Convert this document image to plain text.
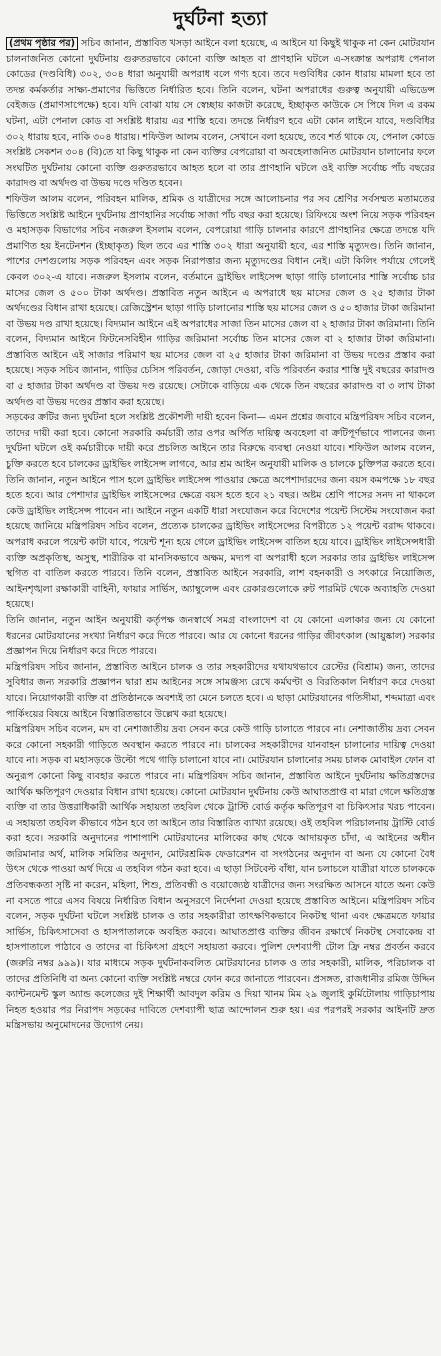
দুর্ঘটনা হত্যা

(প্রথম পৃষ্ঠার পর) সচিব জানান, প্রস্তাবিত খসড়া আইনে বলা হয়েছে, এ আইনে যা কিছুই থাকুক না কেন মোটরযান চালনাজনিত কোনো দুর্ঘটনায় গুরুতরভাবে কোনো ব্যক্তি আহত বা প্রাণহানি ঘটলে এ-সংক্রান্ত অপরাধ পেনাল কোডের (দণ্ডবিধি) ৩০২, ৩০৪ ধারা অনুযায়ী অপরাধ বলে গণ্য হবে। তবে দণ্ডবিধির কোন ধারায় মামলা হবে তা তদন্ত কর্মকর্তার সাক্ষ্য-প্রমাণের ভিত্তিতে নির্ধারিত হবে। তিনি বলেন, ঘটনা অপরাধের গুরুত্ব অনুযায়ী এভিডেন্স বেইজড (প্রমাণসাপেক্ষে) হবে। যদি বোঝা যায় সে স্বেচ্ছায় কাজটা করেছে, ইচ্ছাকৃত কাউকে সে পিষে দিল এ রকম ঘটনা, এটা পেনাল কোড বা সংশ্লিষ্ট ধারায় এর শাস্তি হবে। তদন্তে নির্ধারণ হবে এটা কোন লাইনে যাবে, দণ্ডবিধির ৩০২ ধারায় হবে, নাকি ৩০৪ ধারায়। শফিউল আলম বলেন, সেখানে বলা হয়েছে, তবে শর্ত থাকে যে, পেনাল কোডে সংশ্লিষ্ট সেকশন ৩০৪ (বি)তে যা কিছু থাকুক না কেন ব্যক্তির বেপরোয়া বা অবহেলাজনিত মোটরযান চালানোর ফলে সংঘটিত দুর্ঘটনায় কোনো ব্যক্তি গুরুতরভাবে আহত হলে বা তার প্রাণহানি ঘটলে ওই ব্যক্তি সর্বোচ্চ পাঁচ বছরের কারাদণ্ড বা অর্থদণ্ড বা উভয় দণ্ডে দণ্ডিত হবেন।

শফিউল আলম বলেন, পরিবহন মালিক, শ্রমিক ও যাত্রীদের সঙ্গে আলোচনার পর সব শ্রেণির সর্বসম্মত মতামতের ভিত্তিতে সংশ্লিষ্ট আইনে দুর্ঘটনায় প্রাণহানির সর্বোচ্চ সাজা পাঁচ বছর করা হয়েছে। রিফিংয়ে অংশ নিয়ে সড়ক পরিবহন ও মহাসড়ক বিভাগের সচিব নজরুল ইসলাম বলেন, বেপরোয়া গাড়ি চালনার কারণে প্রাণহানির ক্ষেত্রে তদন্তে যদি প্রমাণিত হয় ইনটেনশন (ইচ্ছাকৃত) ছিল তবে এর শাস্তি ৩০২ ধারা অনুযায়ী হবে, এর শাস্তি মৃত্যুদণ্ড। তিনি জানান, পাশের দেশগুলোয় সড়ক পরিবহন এবং সড়ক নিরাপত্তার জন্য মৃত্যুদণ্ডের বিধান নেই। এটা কিলিং পর্যায়ে গেলেই কেবল ৩০২-এ যাবে। নজরুল ইসলাম বলেন, বর্তমানে ড্রাইভিং লাইসেন্স ছাড়া গাড়ি চালানোর শাস্তি সর্বোচ্চ চার মাসের জেল ও ৫০০ টাকা অর্থদণ্ড। প্রস্তাবিত নতুন আইনে এ অপরাধে ছয় মাসের জেল ও ২৫ হাজার টাকা অর্থদণ্ডের বিধান রাখা হয়েছে। রেজিস্ট্রেশন ছাড়া গাড়ি চালানোর শাস্তি ছয় মাসের জেল ও ৫০ হাজার টাকা জরিমানা বা উভয় দণ্ড রাখা হয়েছে। বিদ্যমান আইনে এই অপরাধের সাজা তিন মাসের জেল বা ২ হাজার টাকা জরিমানা। তিনি বলেন, বিদ্যমান আইনে ফিটনেসবিহীন গাড়ির জরিমানা সর্বোচ্চ তিন মাসের জেল বা ২ হাজার টাকা জরিমানা। প্রস্তাবিত আইনে এই সাজার পরিমাণ ছয় মাসের জেল বা ২৫ হাজার টাকা জরিমানা বা উভয় দণ্ডের প্রস্তাব করা হয়েছে। সড়ক সচিব জানান, গাড়ির চেসিস পরিবর্তন, জোড়া দেওয়া, বডি পরিবর্তন করার শাস্তি দুই বছরের কারাদণ্ড বা ৫ হাজার টাকা অর্থদণ্ড বা উভয় দণ্ড রয়েছে। সেটাকে বাড়িয়ে এক থেকে তিন বছরের কারাদণ্ড বা ৩ লাখ টাকা অর্থদণ্ড বা উভয় দণ্ডের প্রস্তাব করা হয়েছে।

সড়কের ক্রটির জন্য দুর্ঘটনা হলে সংশ্লিষ্ট প্রকৌশলী দায়ী হবেন কিনা— এমন প্রশ্নের জবাবে মন্ত্রিপরিষদ সচিব বলেন, তাদের দায়ী করা হবে। কোনো সরকারি কর্মচারী তার ওপর অর্পিত দায়িত্ব অবহেলা বা ক্রটিপূর্ণভাবে পালনের জন্য দুর্ঘটনা ঘটলে ওই কর্মচারীকে দায়ী করে প্রচলিত আইনে তার বিরুদ্ধে ব্যবস্থা নেওয়া যাবে। শফিউল আলম বলেন, চুক্তি করতে হবে চালকের ড্রাইভিং লাইসেন্স লাগবে, আর শ্রম আইন অনুযায়ী মালিক ও চালকে চুক্তিপত্র করতে হবে। তিনি জানান, নতুন আইনে পাস হলে ড্রাইভিং লাইসেন্স পাওয়ার ক্ষেত্রে অপেশাদারদের জন্য বয়স কমপক্ষে ১৮ বছর হতে হবে। আর পেশাদার ড্রাইভিং লাইসেন্সের ক্ষেত্রে বয়স হতে হবে ২১ বছর। অষ্টম শ্রেণি পাসের সনদ না থাকলে কেউ ড্রাইভিং লাইসেন্স পাবেন না। আইনে নতুন একটি ধারা সংযোজন করে বিদেশের পয়েন্ট সিস্টেম সংযোজন করা হয়েছে জানিয়ে মন্ত্রিপরিষদ সচিব বলেন, প্রত্যেক চালকের ড্রাইভিং লাইসেন্সের বিপরীতে ১২ পয়েন্ট বরাদ্দ থাকবে। অপরাধ করলে পয়েন্ট কাটা যাবে, পয়েন্ট শূন্য হয়ে গেলে ড্রাইভিং লাইসেন্স বাতিল হয়ে যাবে। ড্রাইভিং লাইসেন্সধারী ব্যক্তি অপ্রকৃতিস্থ, অসুস্থ, শারীরিক বা মানসিকভাবে অক্ষম, মদ্যপ বা অপরাধী হলে সরকার তার ড্রাইভিং লাইসেন্স স্থগিত বা বাতিল করতে পারবে। তিনি বলেন, প্রস্তাবিত আইনে সরকারি, লাশ বহনকারী ও সৎকারে নিয়োজিত, আইনশৃঙ্খলা রক্ষাকারী বাহিনী, ফায়ার সার্ভিস, অ্যাম্বুলেন্স এবং রেকারগুলোকে রুট পারমিট থেকে অব্যাহতি দেওয়া হয়েছে।

তিনি জানান, নতুন আইন অনুযায়ী কর্তৃপক্ষ জনস্বার্থে সমগ্র বাংলাদেশ বা যে কোনো এলাকার জন্য যে কোনো ধরনের মোটরযানের সংখ্যা নির্ধারণ করে দিতে পারবে। আর যে কোনো ধরনের গাড়ির জীবৎকাল (আয়ুষ্কাল) সরকার প্রজ্ঞাপন দিয়ে নির্ধারণ করে দিতে পারবে।

মন্ত্রিপরিষদ সচিব জানান, প্রস্তাবিত আইনে চালক ও তার সহকারীদের যথাযথভাবে রেস্টের (বিশ্রাম) জন্য, তাদের সুবিধার জন্য সরকারি প্রজ্ঞাপন দ্বারা শ্রম আইনের সঙ্গে সামঞ্জস্য রেখে কর্মঘণ্টা ও বিরতিকাল নির্ধারণ করে দেওয়া যাবে। নিয়োগকারী ব্যক্তি বা প্রতিষ্ঠানকে অবশ্যই তা মেনে চলতে হবে। এ ছাড়া মোটরযানের গতিসীমা, শব্দমাত্রা এবং পার্কিংয়ের বিষয়ে আইনে বিস্তারিতভাবে উল্লেখ করা হয়েছে।

মন্ত্রিপরিষদ সচিব বলেন, মদ বা নেশাজাতীয় দ্রব্য সেবন করে কেউ গাড়ি চালাতে পারবে না। নেশাজাতীয় দ্রব্য সেবন করে কোনো সহকারী গাড়িতে অবস্থান করতে পারবে না। চালকের সহকারীদের যানবাহন চালানোর দায়িত্ব দেওয়া যাবে না। সড়ক বা মহাসড়কে উল্টো পথে গাড়ি চালানো যাবে না। মোটরযান চালানোর সময় চালক মোবাইল ফোন বা অনুরূপ কোনো কিছু ব্যবহার করতে পারবে না। মন্ত্রিপরিষদ সচিব জানান, প্রস্তাবিত আইনে দুর্ঘটনায় ক্ষতিগ্রস্তদের আর্থিক ক্ষতিপূরণ দেওয়ার বিধান রাখা হয়েছে। কোনো মোটরযান দুর্ঘটনায় কেউ আঘাতপ্রাপ্ত বা মারা গেলে ক্ষতিগ্রস্ত ব্যক্তি বা তার উত্তরাধিকারী আর্থিক সহায়তা তহবিল থেকে ট্রাস্টি বোর্ড কর্তৃক ক্ষতিপূরণ বা চিকিৎসার খরচ পাবেন। এ সহায়তা তহবিল কীভাবে গঠন হবে তা আইনে তার বিস্তারিত ব্যাখ্যা রয়েছে। ওই তহবিল পরিচালনায় ট্রাস্টি বোর্ড করা হবে। সরকারি অনুদানের পাশাপাশি মোটরযানের মালিকের কাছ থেকে আদায়কৃত চাঁদা, এ আইনের অধীন জরিমানার অর্থ, মালিক সমিতির অনুদান, মোটরশ্রমিক ফেডারেশন বা সংগঠনের অনুদান বা অন্য যে কোনো বৈধ উৎস থেকে পাওয়া অর্থ দিয়ে এ তহবিল গঠন করা হবে। এ ছাড়া সিটবেল্ট বাঁধা, যান চলাচলে যাত্রীরা যাতে চালককে প্রতিবন্ধকতা সৃষ্টি না করেন, মহিলা, শিশু, প্রতিবন্ধী ও বয়োজ্যেষ্ঠ যাত্রীদের জন্য সংরক্ষিত আসনে যাতে অন্য কেউ না বসতে পারে এসব বিষয়ে নির্ধারিত বিধান অনুসরণে নির্দেশনা দেওয়া হয়েছে প্রস্তাবিত আইনে। মন্ত্রিপরিষদ সচিব বলেন, সড়ক দুর্ঘটনা ঘটলে সংশ্লিষ্ট চালক ও তার সহকারীরা তাৎক্ষণিকভাবে নিকটস্থ থানা এবং ক্ষেত্রমতে ফায়ার সার্ভিস, চিকিৎসাসেবা ও হাসপাতালকে অবহিত করবে। আঘাতপ্রাপ্ত ব্যক্তির জীবন রক্ষার্থে নিকটস্থ সেবাকেন্দ্র বা হাসপাতালে পাঠাবে ও তাদের বা চিকিৎসা গ্রহণে সহায়তা করবে। পুলিশ দেশব্যাপী টোল ফ্রি নম্বর প্রবর্তন করবে (জরুরি নম্বর ৯৯৯)। যার মাধ্যমে সড়ক দুর্ঘটনাকবলিত মোটরযানের চালক ও তার সহকারী, মালিক, পরিচালক বা তাদের প্রতিনিধি বা অন্য কোনো ব্যক্তি সংশ্লিষ্ট নম্বরে ফোন করে জানাতে পারবেন। প্রসঙ্গত, রাজধানীর রমিজ উদ্দিন ক্যান্টনমেন্ট স্কুল অ্যান্ড কলেজের দুই শিক্ষার্থী আবদুল করিম ও দিয়া খানম মিম ২৯ জুলাই কুর্মিটোলায় গাড়িচাপায় নিহত হওয়ার পর নিরাপদ সড়কের দাবিতে দেশব্যাপী ছাত্র আন্দোলন শুরু হয়। এর পরপরই সরকার আইনটি দ্রুত মন্ত্রিসভায় অনুমোদনের উদ্যোগ নেয়।
